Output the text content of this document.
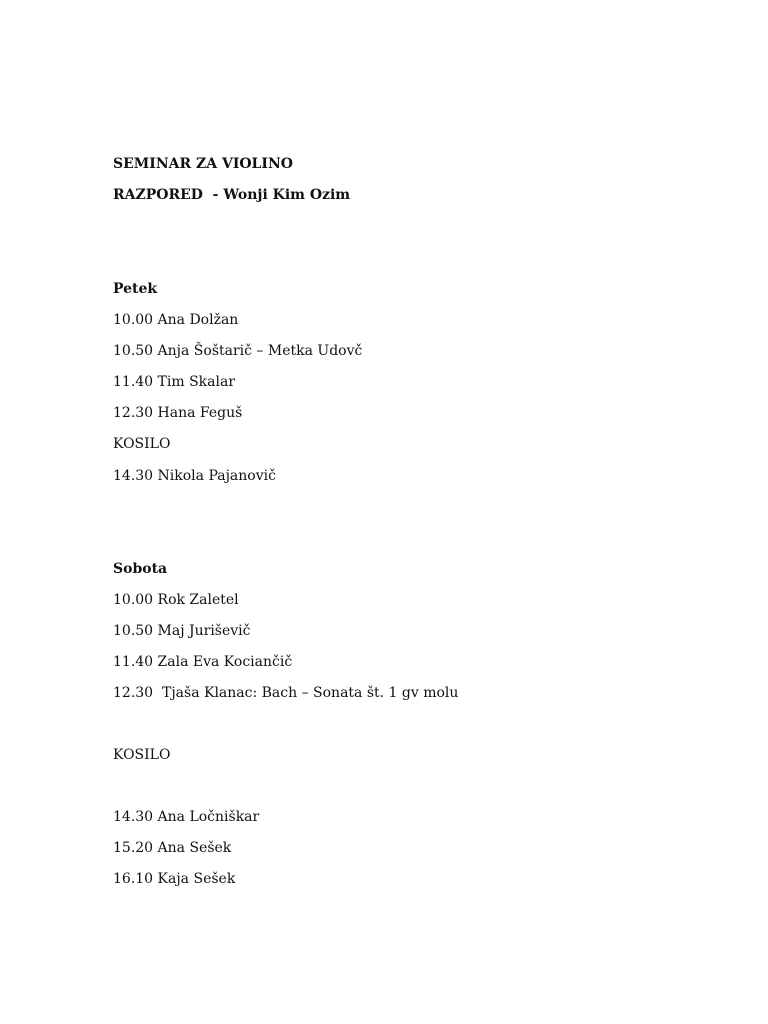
SEMINAR ZA VIOLINO
RAZPORED  - Wonji Kim Ozim
Petek
10.00 Ana Dolžan
10.50 Anja Šoštarič – Metka Udovč
11.40 Tim Skalar
12.30 Hana Feguš
KOSILO
14.30 Nikola Pajanovič
Sobota
10.00 Rok Zaletel
10.50 Maj Juriševič
11.40 Zala Eva Kociančič
12.30  Tjaša Klanac: Bach – Sonata št. 1 gv molu
KOSILO
14.30 Ana Ločniškar
15.20 Ana Sešek
16.10 Kaja Sešek
